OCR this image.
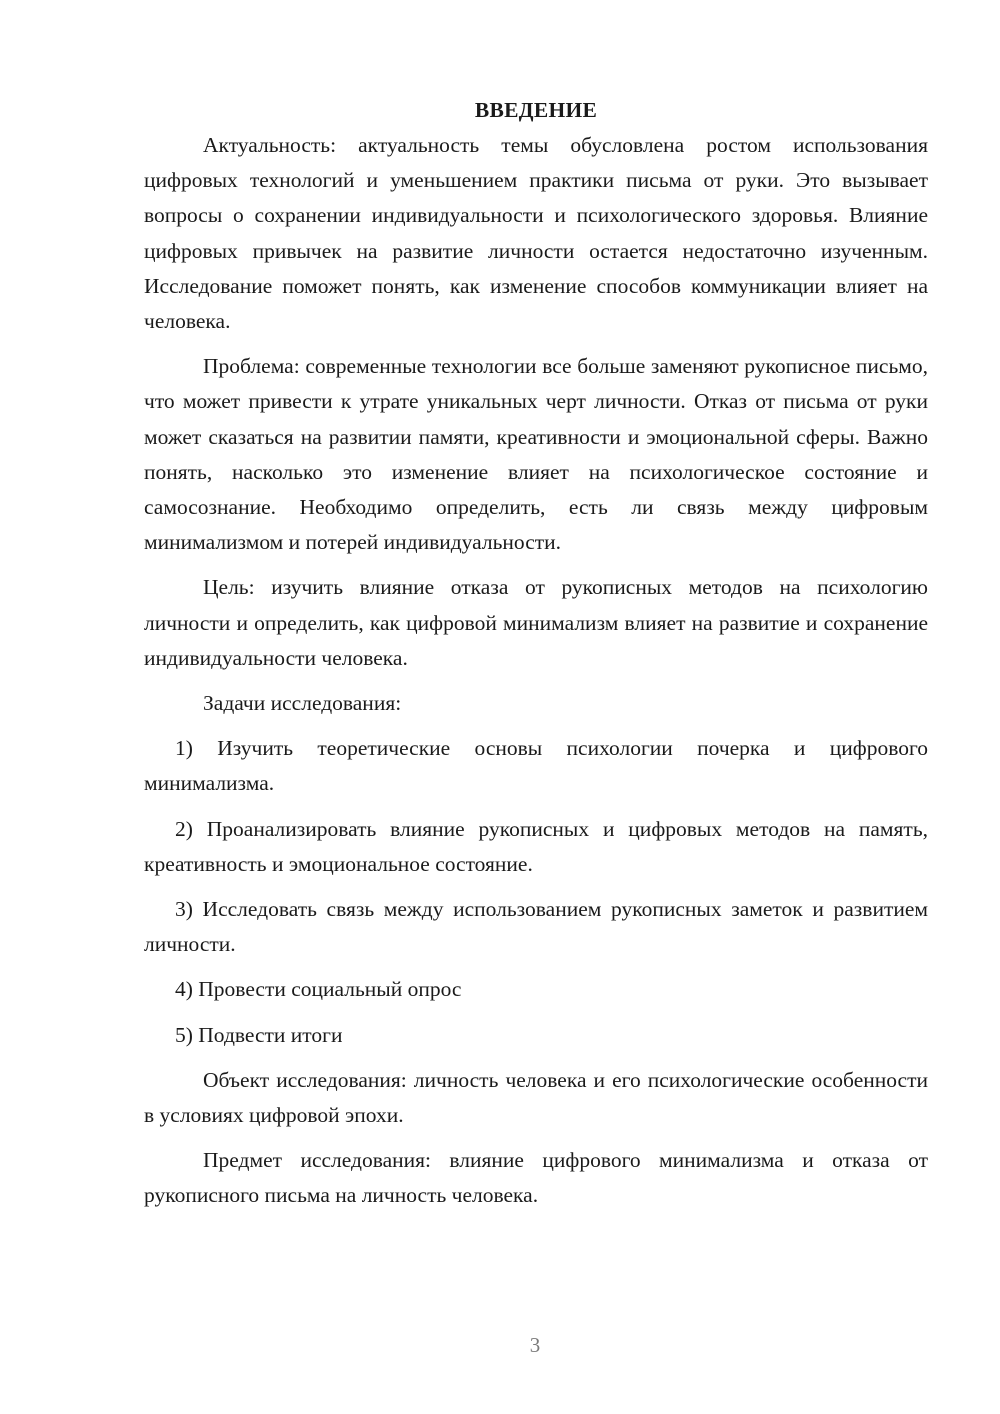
ВВЕДЕНИЕ

Актуальность: актуальность темы обусловлена ростом использования цифровых технологий и уменьшением практики письма от руки. Это вызывает вопросы о сохранении индивидуальности и психологического здоровья. Влияние цифровых привычек на развитие личности остается недостаточно изученным. Исследование поможет понять, как изменение способов коммуникации влияет на человека.

Проблема: современные технологии все больше заменяют рукописное письмо, что может привести к утрате уникальных черт личности. Отказ от письма от руки может сказаться на развитии памяти, креативности и эмоциональной сферы. Важно понять, насколько это изменение влияет на психологическое состояние и самосознание. Необходимо определить, есть ли связь между цифровым минимализмом и потерей индивидуальности.

Цель: изучить влияние отказа от рукописных методов на психологию личности и определить, как цифровой минимализм влияет на развитие и сохранение индивидуальности человека.

Задачи исследования:

1) Изучить теоретические основы психологии почерка и цифрового минимализма.

2) Проанализировать влияние рукописных и цифровых методов на память, креативность и эмоциональное состояние.

3) Исследовать связь между использованием рукописных заметок и развитием личности.

4) Провести социальный опрос

5) Подвести итоги

Объект исследования: личность человека и его психологические особенности в условиях цифровой эпохи.

Предмет исследования: влияние цифрового минимализма и отказа от рукописного письма на личность человека.

3
